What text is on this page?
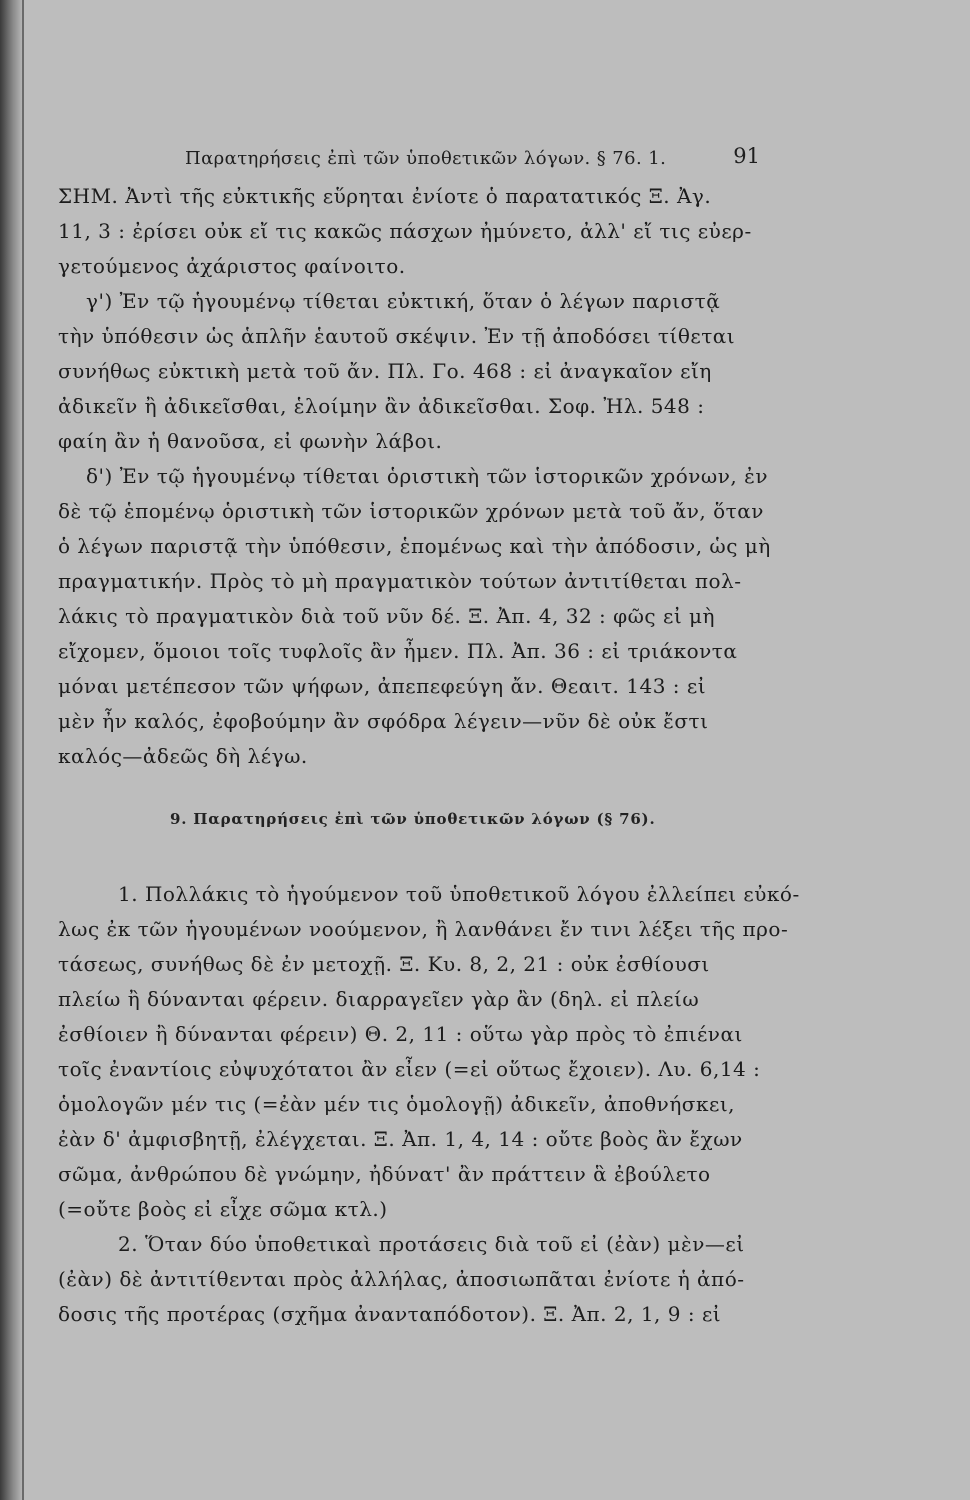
Παρατηρήσεις ἐπὶ τῶν ὑποθετικῶν λόγων. § 76. 1.	91
ΣΗΜ. Ἀντὶ τῆς εὐκτικῆς εὕρηται ἐνίοτε ὁ παρατατικός Ξ. Ἀγ.
11, 3 : ἐρίσει οὐκ εἴ τις κακῶς πάσχων ἠμύνετο, ἀλλ' εἴ τις εὐερ-
γετούμενος ἀχάριστος φαίνοιτο.
γ') Ἐν τῷ ἡγουμένῳ τίθεται εὐκτική, ὅταν ὁ λέγων παριστᾷ
τὴν ὑπόθεσιν ὡς ἁπλῆν ἑαυτοῦ σκέψιν. Ἐν τῇ ἀποδόσει τίθεται
συνήθως εὐκτικὴ μετὰ τοῦ ἄν. Πλ. Γο. 468 : εἰ ἀναγκαῖον εἴη
ἀδικεῖν ἢ ἀδικεῖσθαι, ἑλοίμην ἂν ἀδικεῖσθαι. Σοφ. Ἠλ. 548 :
φαίη ἂν ἡ θανοῦσα, εἰ φωνὴν λάβοι.
δ') Ἐν τῷ ἡγουμένῳ τίθεται ὁριστικὴ τῶν ἱστορικῶν χρόνων, ἐν
δὲ τῷ ἑπομένῳ ὁριστικὴ τῶν ἱστορικῶν χρόνων μετὰ τοῦ ἄν, ὅταν
ὁ λέγων παριστᾷ τὴν ὑπόθεσιν, ἑπομένως καὶ τὴν ἀπόδοσιν, ὡς μὴ
πραγματικήν. Πρὸς τὸ μὴ πραγματικὸν τούτων ἀντιτίθεται πολ-
λάκις τὸ πραγματικὸν διὰ τοῦ νῦν δέ. Ξ. Ἀπ. 4, 32 : φῶς εἰ μὴ
εἴχομεν, ὅμοιοι τοῖς τυφλοῖς ἂν ἦμεν. Πλ. Ἀπ. 36 : εἰ τριάκοντα
μόναι μετέπεσον τῶν ψήφων, ἀπεπεφεύγη ἄν. Θεαιτ. 143 : εἰ
μὲν ἦν καλός, ἐφοβούμην ἂν σφόδρα λέγειν—νῦν δὲ οὐκ ἔστι
καλός—ἀδεῶς δὴ λέγω.
9. Παρατηρήσεις ἐπὶ τῶν ὑποθετικῶν λόγων (§ 76).
1. Πολλάκις τὸ ἡγούμενον τοῦ ὑποθετικοῦ λόγου ἐλλείπει εὐκό-
λως ἐκ τῶν ἡγουμένων νοούμενον, ἢ λανθάνει ἔν τινι λέξει τῆς προ-
τάσεως, συνήθως δὲ ἐν μετοχῇ. Ξ. Κυ. 8, 2, 21 : οὐκ ἐσθίουσι
πλείω ἢ δύνανται φέρειν. διαρραγεῖεν γὰρ ἂν (δηλ. εἰ πλείω
ἐσθίοιεν ἢ δύνανται φέρειν) Θ. 2, 11 : οὕτω γὰρ πρὸς τὸ ἐπιέναι
τοῖς ἐναντίοις εὐψυχότατοι ἂν εἶεν (=εἰ οὕτως ἔχοιεν). Λυ. 6,14 :
ὁμολογῶν μέν τις (=ἐὰν μέν τις ὁμολογῇ) ἀδικεῖν, ἀποθνήσκει,
ἐὰν δ' ἀμφισβητῇ, ἐλέγχεται. Ξ. Ἀπ. 1, 4, 14 : οὔτε βοὸς ἂν ἔχων
σῶμα, ἀνθρώπου δὲ γνώμην, ἠδύνατ' ἂν πράττειν ἃ ἐβούλετο
(=οὔτε βοὸς εἰ εἶχε σῶμα κτλ.)
2. Ὅταν δύο ὑποθετικαὶ προτάσεις διὰ τοῦ εἰ (ἐὰν) μὲν—εἰ
(ἐὰν) δὲ ἀντιτίθενται πρὸς ἀλλήλας, ἀποσιωπᾶται ἐνίοτε ἡ ἀπό-
δοσις τῆς προτέρας (σχῆμα ἀνανταπόδοτον). Ξ. Ἀπ. 2, 1, 9 : εἰ
